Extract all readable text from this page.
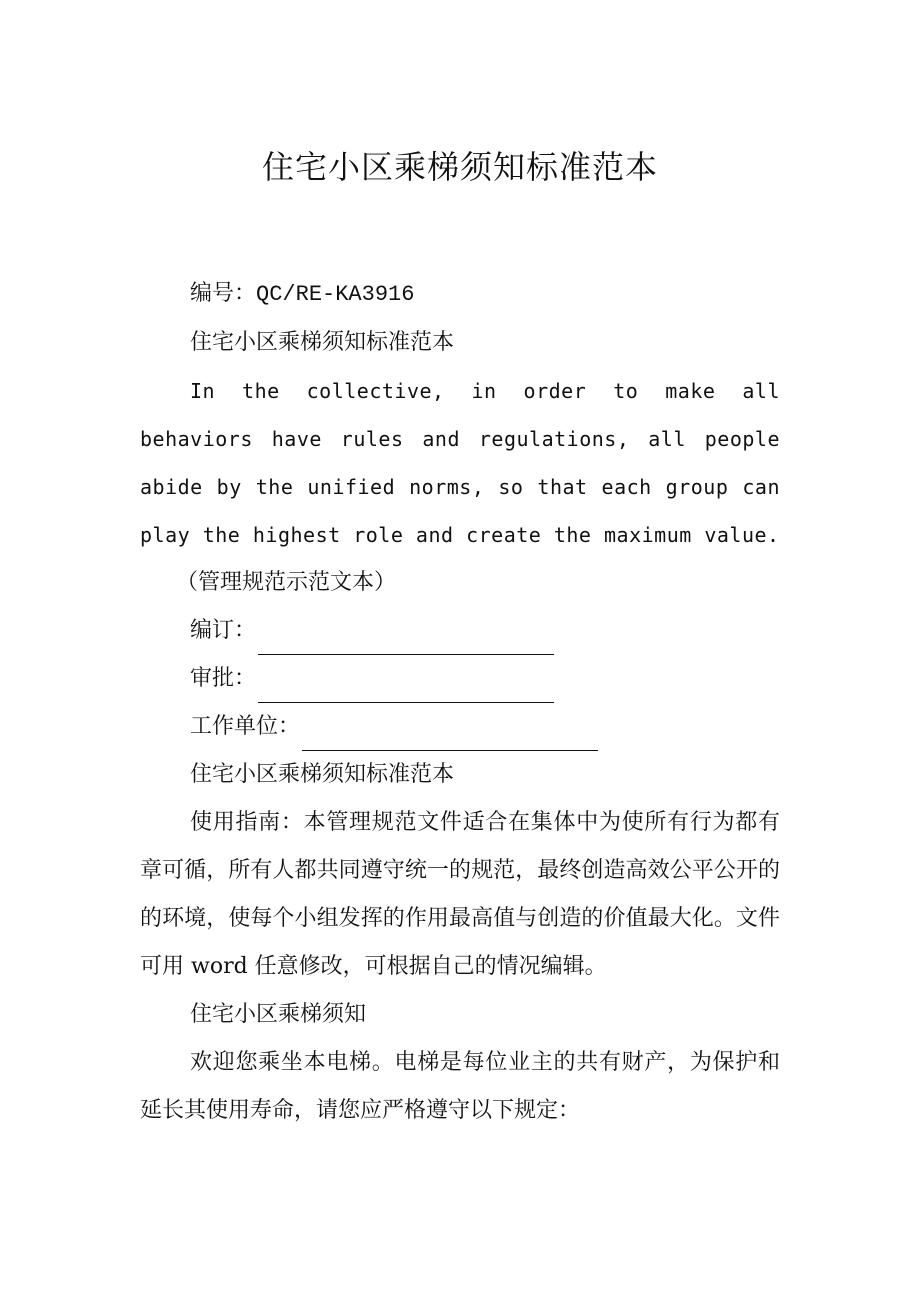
住宅小区乘梯须知标准范本

编号：QC/RE-KA3916

住宅小区乘梯须知标准范本

In the collective, in order to make all behaviors have rules and regulations, all people abide by the unified norms, so that each group can play the highest role and create the maximum value.

（管理规范示范文本）

编订：

审批：

工作单位：

住宅小区乘梯须知标准范本

使用指南：本管理规范文件适合在集体中为使所有行为都有章可循，所有人都共同遵守统一的规范，最终创造高效公平公开的的环境，使每个小组发挥的作用最高值与创造的价值最大化。文件可用 word 任意修改，可根据自己的情况编辑。

住宅小区乘梯须知

欢迎您乘坐本电梯。电梯是每位业主的共有财产，为保护和延长其使用寿命，请您应严格遵守以下规定：
